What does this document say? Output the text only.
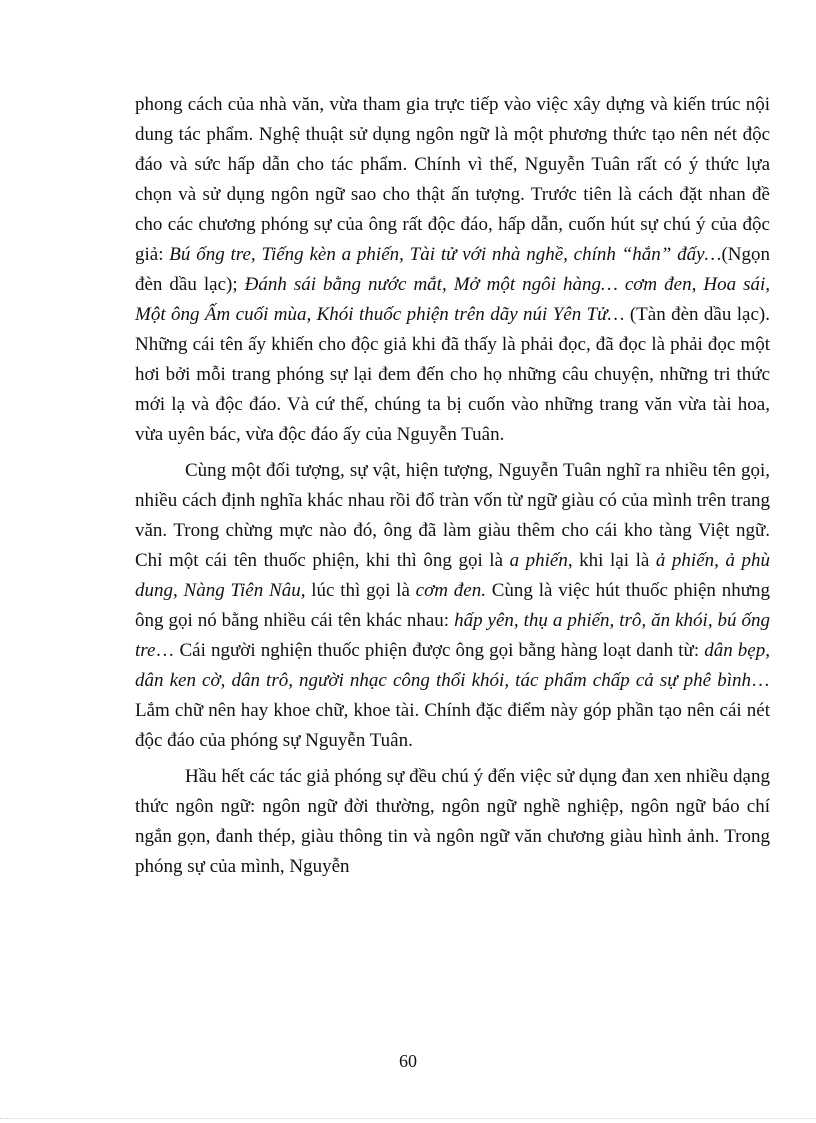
phong cách của nhà văn, vừa tham gia trực tiếp vào việc xây dựng và kiến trúc nội dung tác phẩm. Nghệ thuật sử dụng ngôn ngữ là một phương thức tạo nên nét độc đáo và sức hấp dẫn cho tác phẩm. Chính vì thế, Nguyễn Tuân rất có ý thức lựa chọn và sử dụng ngôn ngữ sao cho thật ấn tượng. Trước tiên là cách đặt nhan đề cho các chương phóng sự của ông rất độc đáo, hấp dẫn, cuốn hút sự chú ý của độc giả: Bú ống tre, Tiếng kèn a phiến, Tài tử với nhà nghề, chính “hắn” đấy…(Ngọn đèn dầu lạc); Đánh sái bằng nước mắt, Mở một ngôi hàng… cơm đen, Hoa sái, Một ông Ấm cuối mùa, Khói thuốc phiện trên dãy núi Yên Tử… (Tàn đèn dầu lạc). Những cái tên ấy khiến cho độc giả khi đã thấy là phải đọc, đã đọc là phải đọc một hơi bởi mỗi trang phóng sự lại đem đến cho họ những câu chuyện, những tri thức mới lạ và độc đáo. Và cứ thế, chúng ta bị cuốn vào những trang văn vừa tài hoa, vừa uyên bác, vừa độc đáo ấy của Nguyễn Tuân.

Cùng một đối tượng, sự vật, hiện tượng, Nguyễn Tuân nghĩ ra nhiều tên gọi, nhiều cách định nghĩa khác nhau rồi đổ tràn vốn từ ngữ giàu có của mình trên trang văn. Trong chừng mực nào đó, ông đã làm giàu thêm cho cái kho tàng Việt ngữ. Chỉ một cái tên thuốc phiện, khi thì ông gọi là a phiến, khi lại là ả phiến, ả phù dung, Nàng Tiên Nâu, lúc thì gọi là cơm đen. Cùng là việc hút thuốc phiện nhưng ông gọi nó bằng nhiều cái tên khác nhau: hấp yên, thụ a phiến, trô, ăn khói, bú ống tre… Cái người nghiện thuốc phiện được ông gọi bằng hàng loạt danh từ: dân bẹp, dân ken cờ, dân trô, người nhạc công thổi khói, tác phẩm chấp cả sự phê bình… Lắm chữ nên hay khoe chữ, khoe tài. Chính đặc điểm này góp phần tạo nên cái nét độc đáo của phóng sự Nguyễn Tuân.

Hầu hết các tác giả phóng sự đều chú ý đến việc sử dụng đan xen nhiều dạng thức ngôn ngữ: ngôn ngữ đời thường, ngôn ngữ nghề nghiệp, ngôn ngữ báo chí ngắn gọn, đanh thép, giàu thông tin và ngôn ngữ văn chương giàu hình ảnh. Trong phóng sự của mình, Nguyễn

60
